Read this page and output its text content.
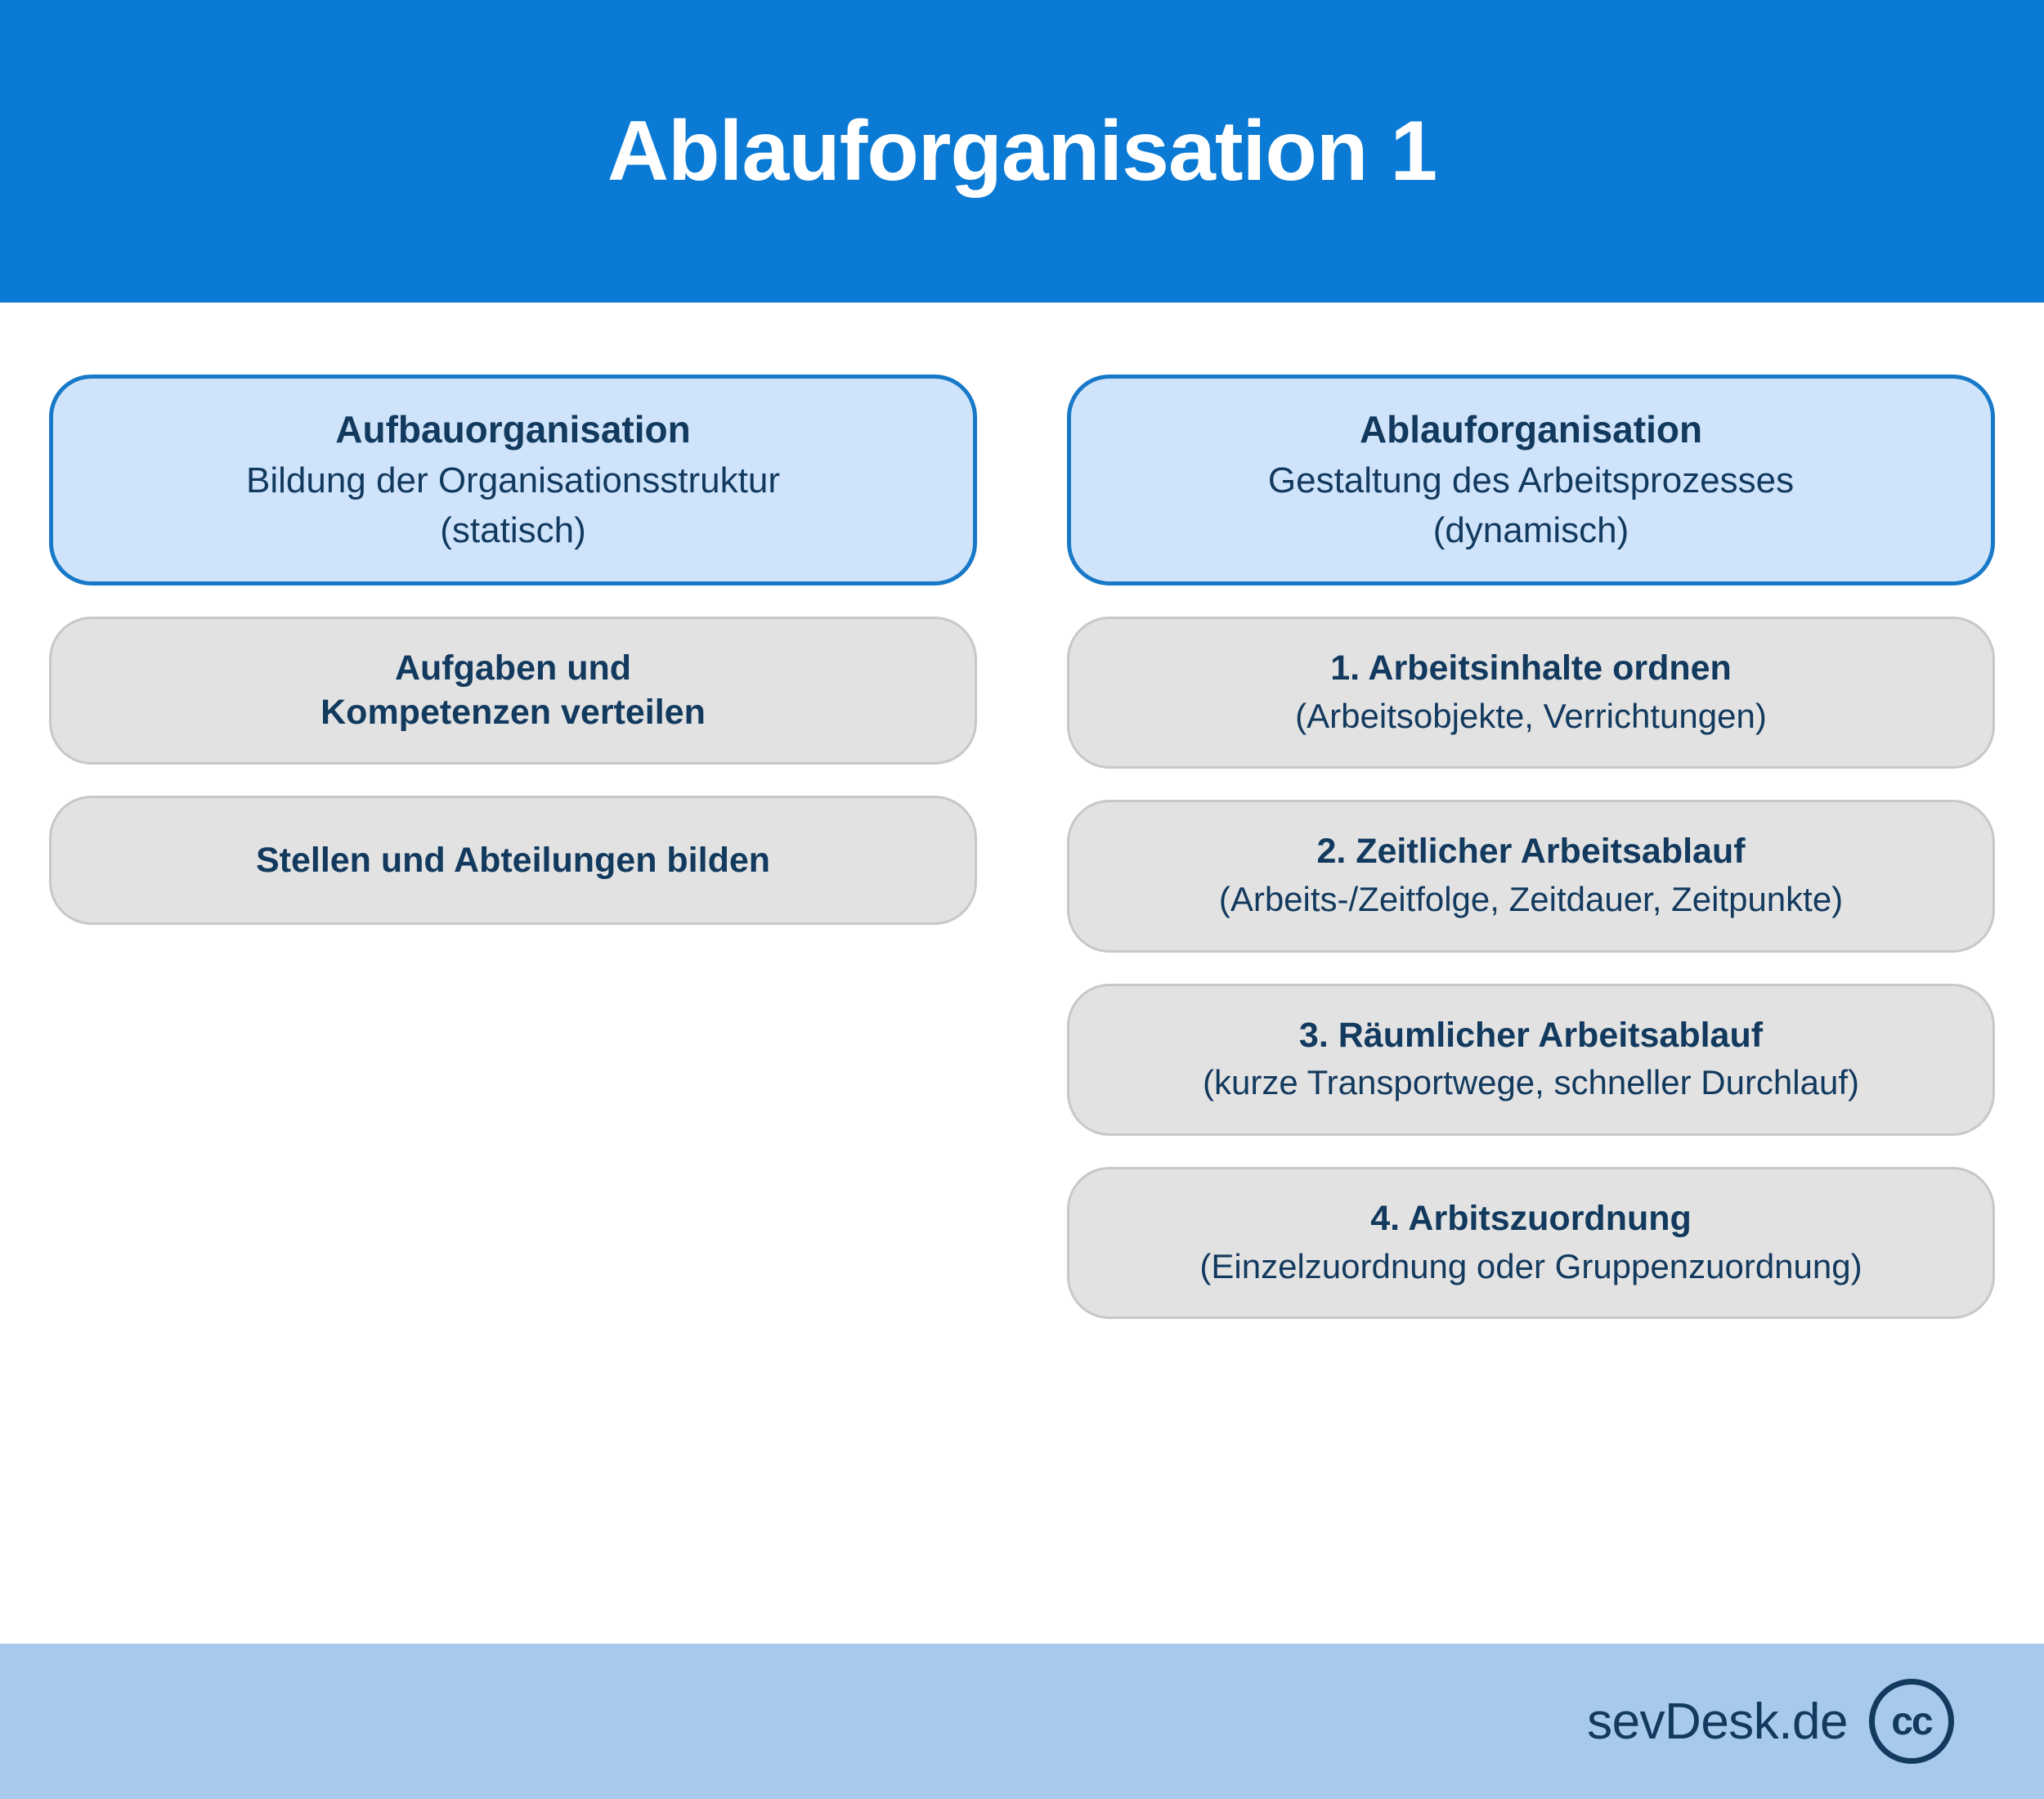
Ablauforganisation 1
Aufbauorganisation
Bildung der Organisationsstruktur
(statisch)
Aufgaben und
Kompetenzen verteilen
Stellen und Abteilungen bilden
Ablauforganisation
Gestaltung des Arbeitsprozesses
(dynamisch)
1. Arbeitsinhalte ordnen
(Arbeitsobjekte, Verrichtungen)
2. Zeitlicher Arbeitsablauf
(Arbeits-/Zeitfolge, Zeitdauer, Zeitpunkte)
3. Räumlicher Arbeitsablauf
(kurze Transportwege, schneller Durchlauf)
4. Arbitszuordnung
(Einzelzuordnung oder Gruppenzuordnung)
sevDesk.de	cc
